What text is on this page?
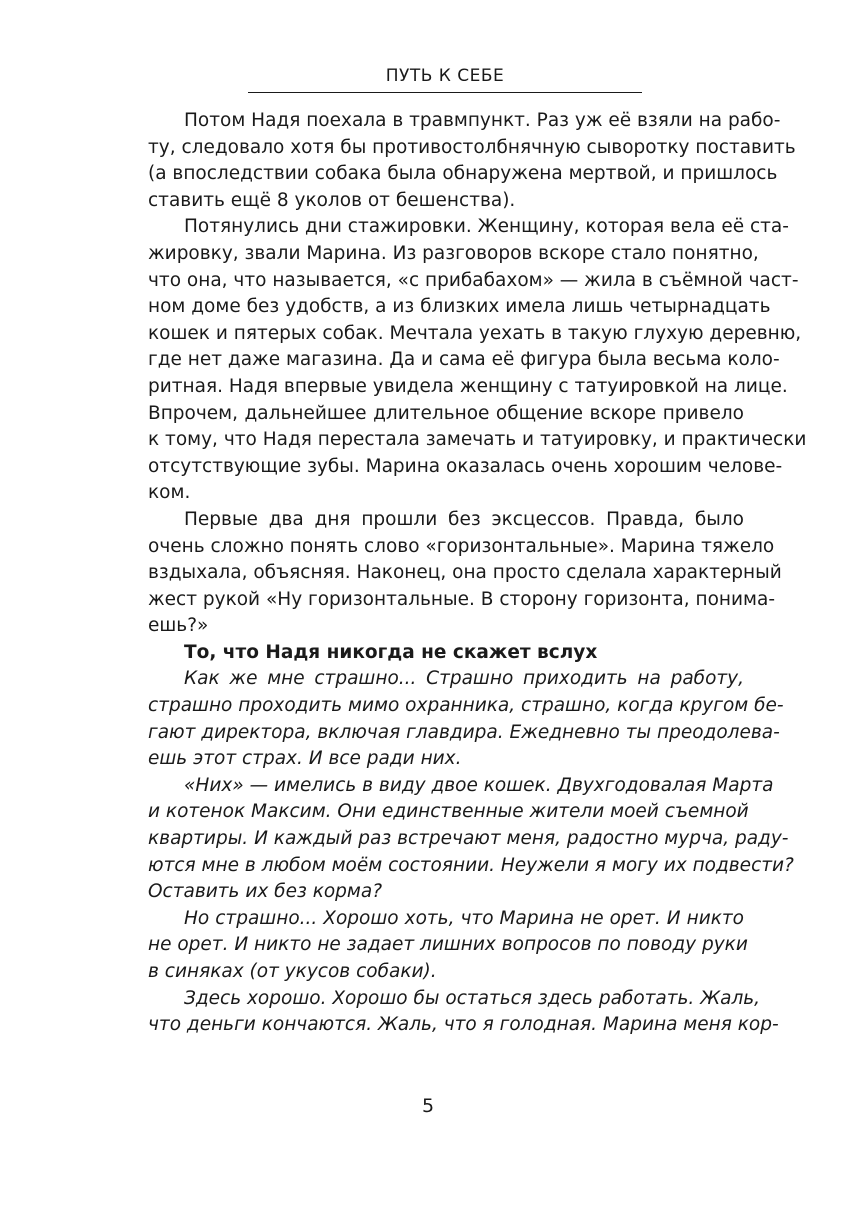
ПУТЬ К СЕБЕ
Потом Надя поехала в травмпункт. Раз уж её взяли на рабо-
ту, следовало хотя бы противостолбнячную сыворотку поставить
(а впоследствии собака была обнаружена мертвой, и пришлось
ставить ещё 8 уколов от бешенства).
Потянулись дни стажировки. Женщину, которая вела её ста-
жировку, звали Марина. Из разговоров вскоре стало понятно,
что она, что называется, «с прибабахом» — жила в съёмной част-
ном доме без удобств, а из близких имела лишь четырнадцать
кошек и пятерых собак. Мечтала уехать в такую глухую деревню,
где нет даже магазина. Да и сама её фигура была весьма коло-
ритная. Надя впервые увидела женщину с татуировкой на лице.
Впрочем, дальнейшее длительное общение вскоре привело
к тому, что Надя перестала замечать и татуировку, и практически
отсутствующие зубы. Марина оказалась очень хорошим челове-
ком.
Первые два дня прошли без эксцессов. Правда, было
очень сложно понять слово «горизонтальные». Марина тяжело
вздыхала, объясняя. Наконец, она просто сделала характерный
жест рукой «Ну горизонтальные. В сторону горизонта, понима-
ешь?»
То, что Надя никогда не скажет вслух
Как же мне страшно... Страшно приходить на работу,
страшно проходить мимо охранника, страшно, когда кругом бе-
гают директора, включая главдира. Ежедневно ты преодолева-
ешь этот страх. И все ради них.
«Них» — имелись в виду двое кошек. Двухгодовалая Марта
и котенок Максим. Они единственные жители моей съемной
квартиры. И каждый раз встречают меня, радостно мурча, раду-
ются мне в любом моём состоянии. Неужели я могу их подвести?
Оставить их без корма?
Но страшно... Хорошо хоть, что Марина не орет. И никто
не орет. И никто не задает лишних вопросов по поводу руки
в синяках (от укусов собаки).
Здесь хорошо. Хорошо бы остаться здесь работать. Жаль,
что деньги кончаются. Жаль, что я голодная. Марина меня кор-
5
